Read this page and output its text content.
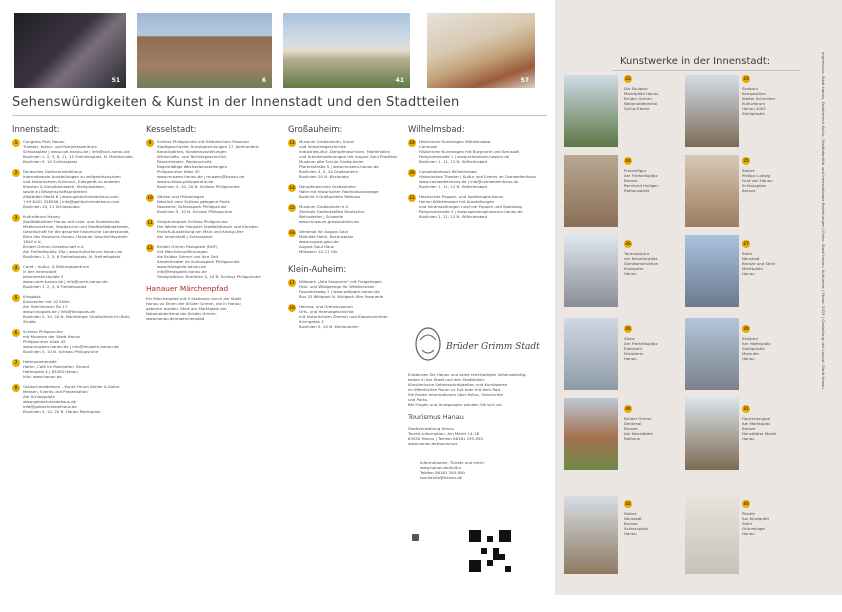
51	6	41	57
Sehenswürdigkeiten & Kunst in der Innenstadt und den Stadtteilen
Innenstadt:
1	Congress Park Hanau
Theater, Kultur- und Kongresszentrum
Schlossplatz | www.cph-hanau.de | info@cph-hanau.de
Buslinien 1, 2, 5, 6, 11, 12 Freiheitsplatz, N. Marktstraße,
Buslinien 9, 10 Schlossplatz
2	Deutsches Goldschmiedehaus
Internationale Ausstellungen zu zeitgenössischem
und historischem Schmuck, Edelgerät zu anderen
Künsten & Kunsthandwerk, Kleinplastiken,
sowie zu Wissenschaftsprojekten
Altstädter Markt 6 | www.goldschmiedehaus.com
+49 6181 256556 | info@goldschmiedehaus.com
Buslinien 10, 11 Schlossplatz
3	Kulturforum Hanau
Stadtbibliothek Hanau mit Lese- und Studienecke,
Medienzentrum, Stadtarchiv und Stadtteilbibliotheken,
Gesellschaft für die gesamte historische Landeskunde,
Büro des Museums Hanau, Hanauer Geschichtsverein 1844 e.V.,
Brüder Grimm-Gesellschaft e.V.
Am Freiheitsplatz 18a | www.kulturforum-hanau.de
Buslinien 1, 2, 5, 6 Freiheitsplatz, N. Freiheitsplatz
4	Carré – Kultur- & Bildungszentrum
in der Innenstadt
Johanneskirchplatz 5
www.carre-hanau.de | info@carre-hanau.de
Buslinien 1, 2, 5, 6 Freiheitsplatz
5	Kinopolis
Kinocenter mit 10 Sälen
Am Steinheimer Tor 17
www.kinopolis.de | info@kinopolis.de
Buslinien 5, 10, 20 N. Nürnberger Straße/Heinrich-Bott-Straße
6	Schloss Philippsruhe
mit Museum der Stadt Hanau
Philippsruher Allee 45
www.museen-hanau.de | info@museen-hanau.de
Buslinien 5, 10 N. Schloss Philippsruhe
7	Hafenpromenade
Hafen, Café im Mainhafen, Strand
Hafenplatz 4 | 63450 Hanau
Info: www.hanau.de
8	Goldschmiedehaus – Kunst Forum Atelier & Kultur
Messen, Events und Präsentation
Am Schlossplatz
www.goldschmiedehaus.de
info@goldschmiedehaus.de
Buslinien 5, 10, 20 N. Hanau Marktplatz
Kesselstadt:
9	Schloss Philippsruhe mit Historischem Museum
Stadtgeschichte, Kunstsammlungen 17. Jahrhundert
Barockgärten, Sonderausstellungen
Wirtschafts- und Technikgeschichte,
Papiertheater, Papierschnitt,
Regelmäßige Wechselausstellungen
Philippsruher Allee 45
www.museen-hanau.de | museen@hanau.de
www.schloss-philippsruhe.de
Buslinien 5, 10, 20 N. Schloss Philippsruhe
10	Gärten und Parkanlagen
Westlich vom Schloss gelegene Parks
Fasanerie, Schlosspark Philippsruhe
Buslinien 5, 10 N. Schloss Philippsruhe
11	Skulpturenpark Schloss Philippsruhe
Die Werke der Hanauer Stadtbildhauer und Künstler
Freiluft-Ausstellung am Main und Kinzig-Ufer
der Innenstadt | Schlosspark
12	Brüder Grimm Festspiele (BGF)
mit Märchenaufführungen
die Brüder Grimm und ihre Zeit
Amphitheater im Schlosspark Philippsruhe
www.festspiele-hanau.de
info@festspiele-hanau.de
Festspielbüro: Buslinien 5, 10 N. Schloss Philippsruhe
Hanauer Märchenpfad
Ein Märchenpfad mit 9 Stationen durch die Stadt
Hanau zu Ehren der Brüder Grimm, die in Hanau
geboren wurden. Start am Marktplatz am
Nationaldenkmal der Brüder Grimm.
www.hanau.de/maerchenpfad
Großauheim:
13	Museum Großauheim, Kunst
und Industriegeschichte
Industriekultur, Dampfmaschinen, Fabrikhallen
und Arbeiterwohnungen mit August Gaul Plastiken
Museum alte Schule Großauheim
Pfortenstraße 5 | www.museen-hanau.de
Buslinien 4, 5, 20 Großauheim
Buslinien 20 N. Kirchplatz
14	Dampfmaschine Großauheim
Halle mit historischer Fabrikationsanlage
Buslinie 4 Großauheim Rathaus
15	Museum Großauheim e.V.
Zentrale Gedenkstätte Deutscher
Behinderter | Schwelle
www.museum-grossauheim.de
16	Denkmal für August Gaul
Mathilde Hohn, Rochusplatz
www.august-gaul.de
August Gaul Haus
Mittwoch 14–17 Uhr
Klein-Auheim:
17	Wildpark „Alte Fasanerie“ mit Freigehegen
Fest- und Wildgehege für Wildtierarten
Fasanerieweg 1 | www.wildpark-hanau.de
Bus 32 Wildpark N. Wildpark Alte Fasanerie
18	Heimat- und Grenzmuseum
Orts- und Heimatgeschichte
mit historischem Zimmer und Klassenzimmer
Kirchgasse 4
Buslinien 5, 10 N. Kleinauheim
Wilhelmsbad:
19	Historische Kuranlagen Wilhelmsbad
Carrousel
Historische Kuranlagen mit Burgruine und Karussell
Parkpromenade 1 | www.schloesser-hessen.de
Buslinien 1, 11, 12 N. Wilhelmsbad
20	Comoedienhaus Wilhelmsbad
Historisches Theater | Kultur und Events im Comoedienhaus
www.comoedienhaus.de | info@comoedienhaus.de
Buslinien 1, 11, 12 N. Wilhelmsbad
21	Hessisches Puppen- und Spielzeugmuseum
Hanau-Wilhelmsbad mit Ausstellungen
und Veranstaltungen rund um Puppen und Spielzeug
Parkpromenade 4 | www.spielzeugmuseum-hanau.de
Buslinien 1, 11, 12 N. Wilhelmsbad
Brüder Grimm Stadt
Entdecken Sie Hanau und seine reichhaltigen Sehenswürdig-
keiten in der Stadt und den Stadtteilen.
Künstlerische Sehenswürdigkeiten und Kunstwerke
im öffentlichen Raum zu Fuß oder mit dem Rad.
Sie finden Informationen über Kultur, Geschichte
und Parks.
Bei Fragen und Anregungen wenden Sie sich an:
Tourismus Hanau
Stadtverwaltung Hanau
Tourist-Information, Am Markt 14–18
63450 Hanau | Telefon 06181 295-950
www.hanau.de/tourismus
Informationen, Tickets und mehr:
www.hanau.de/kultur
Telefon 06181 295-950
touristinfo@hanau.de
Kunstwerke in der Innenstadt:
22
Die Skulptur
Marktplatz Hanau
Brüder Grimm
Nationaldenkmal
Syrius Eberle
23
Skulptur
Komposition
Walter Schneider
Kulturforum
Hanau 2002
Stahlplastik
24
Frauenfigur
Am Freiheitsplatz
Bronze
Bernhard Heiliger
Rathausplatz
25
Statue
Philipp Ludwig
Graf von Hanau
Schlossplatz
Bronze
26
Turmskulptur
Am Kanaltorplatz
Stahlkonstruktion
Kinzigufer
Hanau
27
Stele
Neustadt
Bronze und Stein
Marktplatz
Hanau
28
Säule
Am Freiheitsplatz
Edelstahl
Künstlerin
Hanau
29
Skulptur
Am Hafenplatz
Stahlplastik
Mainufer
Hanau
30
Brüder Grimm
Denkmal
Bronze
Am Neustädter
Rathaus
31
Figurengruppe
Am Marktplatz
Bronze
Neustädter Markt
Hanau
32
Statue
Neustadt
Bronze
Schlossplatz
Hanau
33
Plastik
Am Kinzigufer
Stahl
Grünanlage
Hanau
Impressum: Stadt Hanau, Fachbereich Kultur, Stadtidentität und Internationale Beziehungen | Fotos: Stadt Hanau, Kulturamt | Stand: 2015 | Gestaltung und Layout: Stadt Hanau
